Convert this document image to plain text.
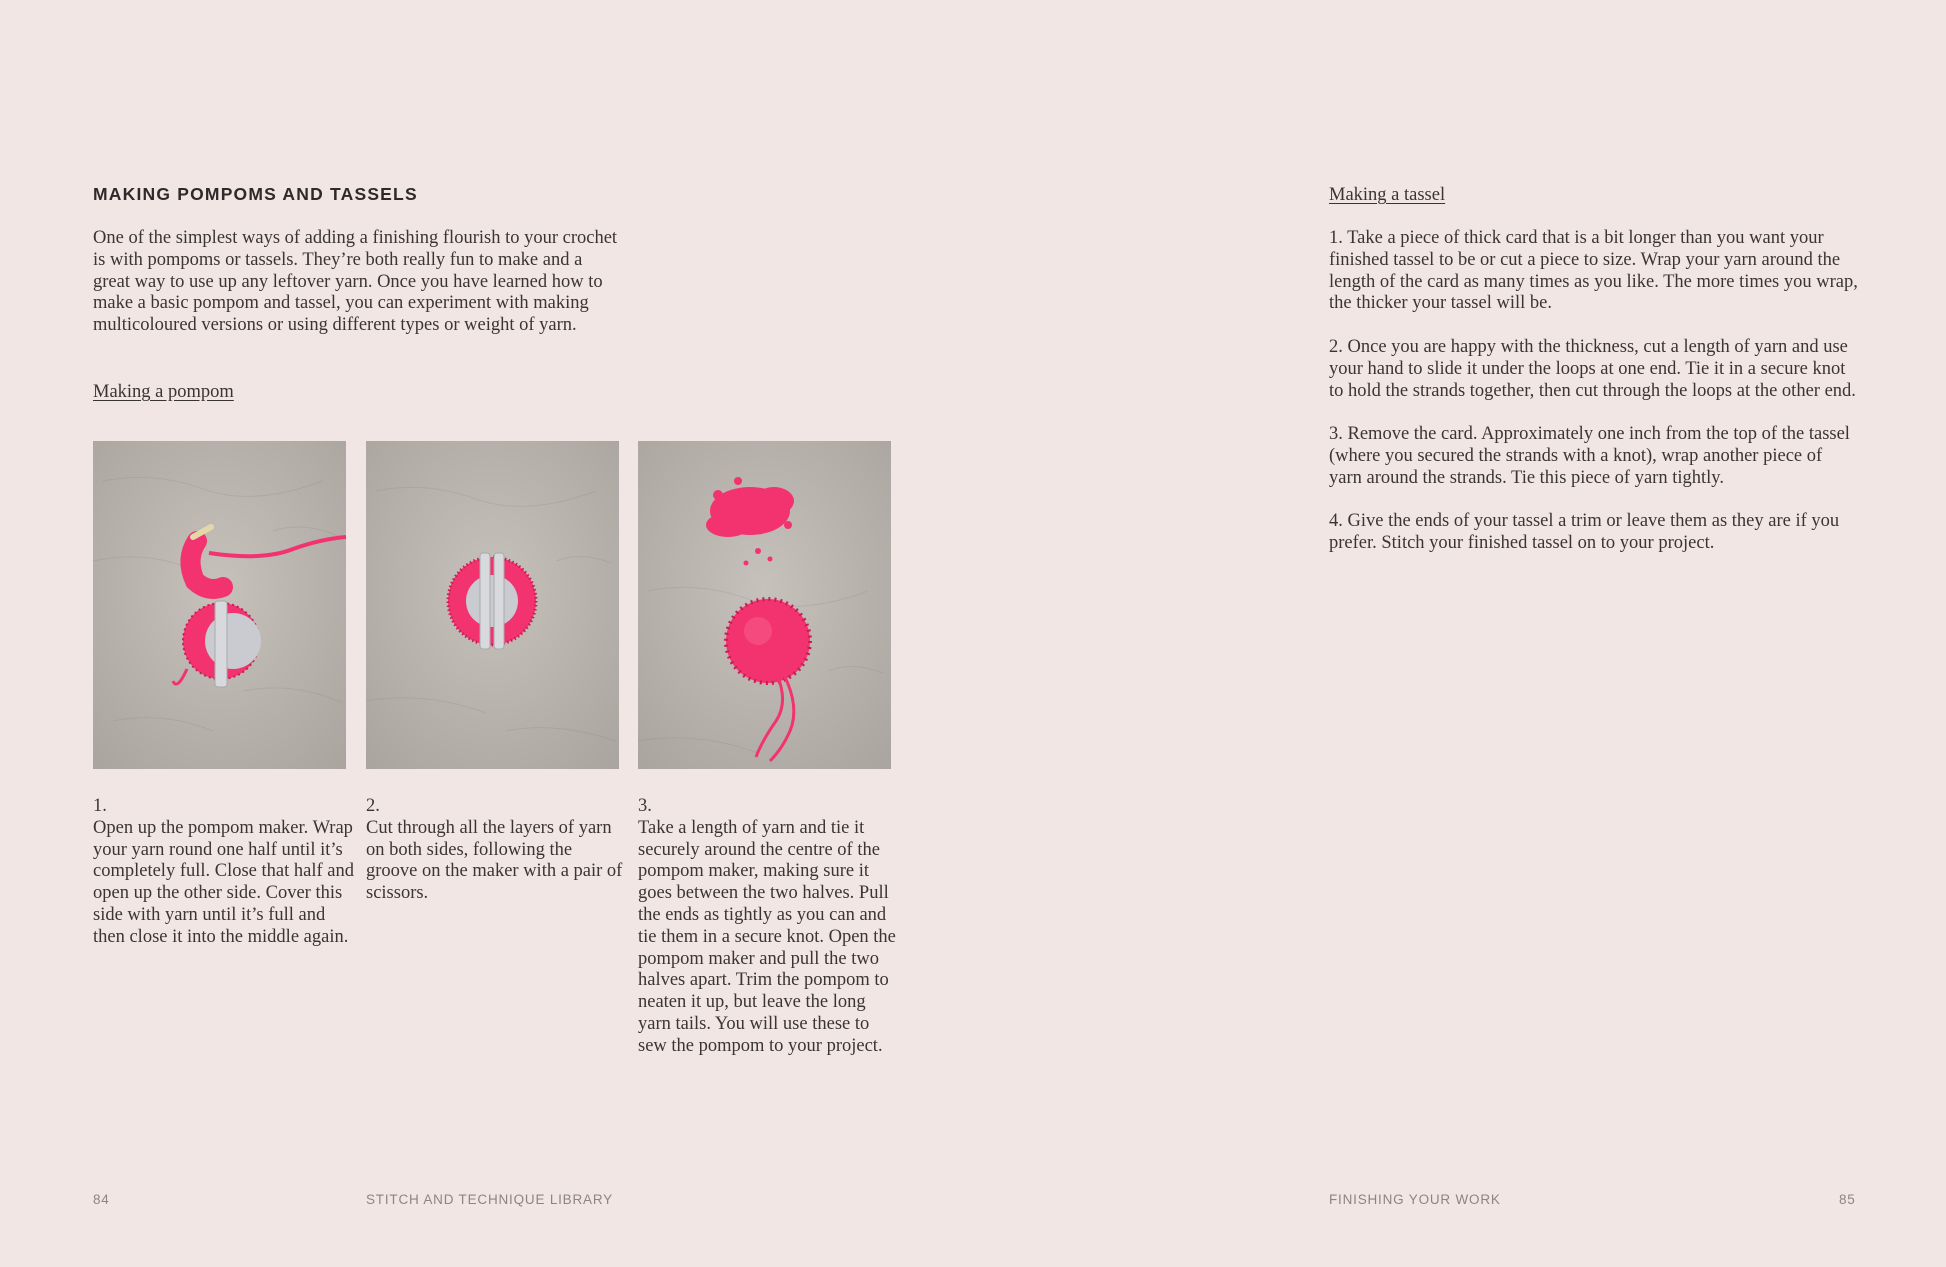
MAKING POMPOMS AND TASSELS

One of the simplest ways of adding a finishing flourish to your crochet is with pompoms or tassels. They’re both really fun to make and a great way to use up any leftover yarn. Once you have learned how to make a basic pompom and tassel, you can experiment with making multicoloured versions or using different types or weight of yarn.

Making a pompom

1.
Open up the pompom maker. Wrap your yarn round one half until it’s completely full. Close that half and open up the other side. Cover this side with yarn until it’s full and then close it into the middle again.
2.
Cut through all the layers of yarn on both sides, following the groove on the maker with a pair of scissors.
3.
Take a length of yarn and tie it securely around the centre of the pompom maker, making sure it goes between the two halves. Pull the ends as tightly as you can and tie them in a secure knot. Open the pompom maker and pull the two halves apart. Trim the pompom to neaten it up, but leave the long yarn tails. You will use these to sew the pompom to your project.

84	STITCH AND TECHNIQUE LIBRARY

Making a tassel

1. Take a piece of thick card that is a bit longer than you want your finished tassel to be or cut a piece to size. Wrap your yarn around the length of the card as many times as you like. The more times you wrap, the thicker your tassel will be.

2. Once you are happy with the thickness, cut a length of yarn and use your hand to slide it under the loops at one end. Tie it in a secure knot to hold the strands together, then cut through the loops at the other end.

3. Remove the card. Approximately one inch from the top of the tassel (where you secured the strands with a knot), wrap another piece of yarn around the strands. Tie this piece of yarn tightly.

4. Give the ends of your tassel a trim or leave them as they are if you prefer. Stitch your finished tassel on to your project.

FINISHING YOUR WORK	85
